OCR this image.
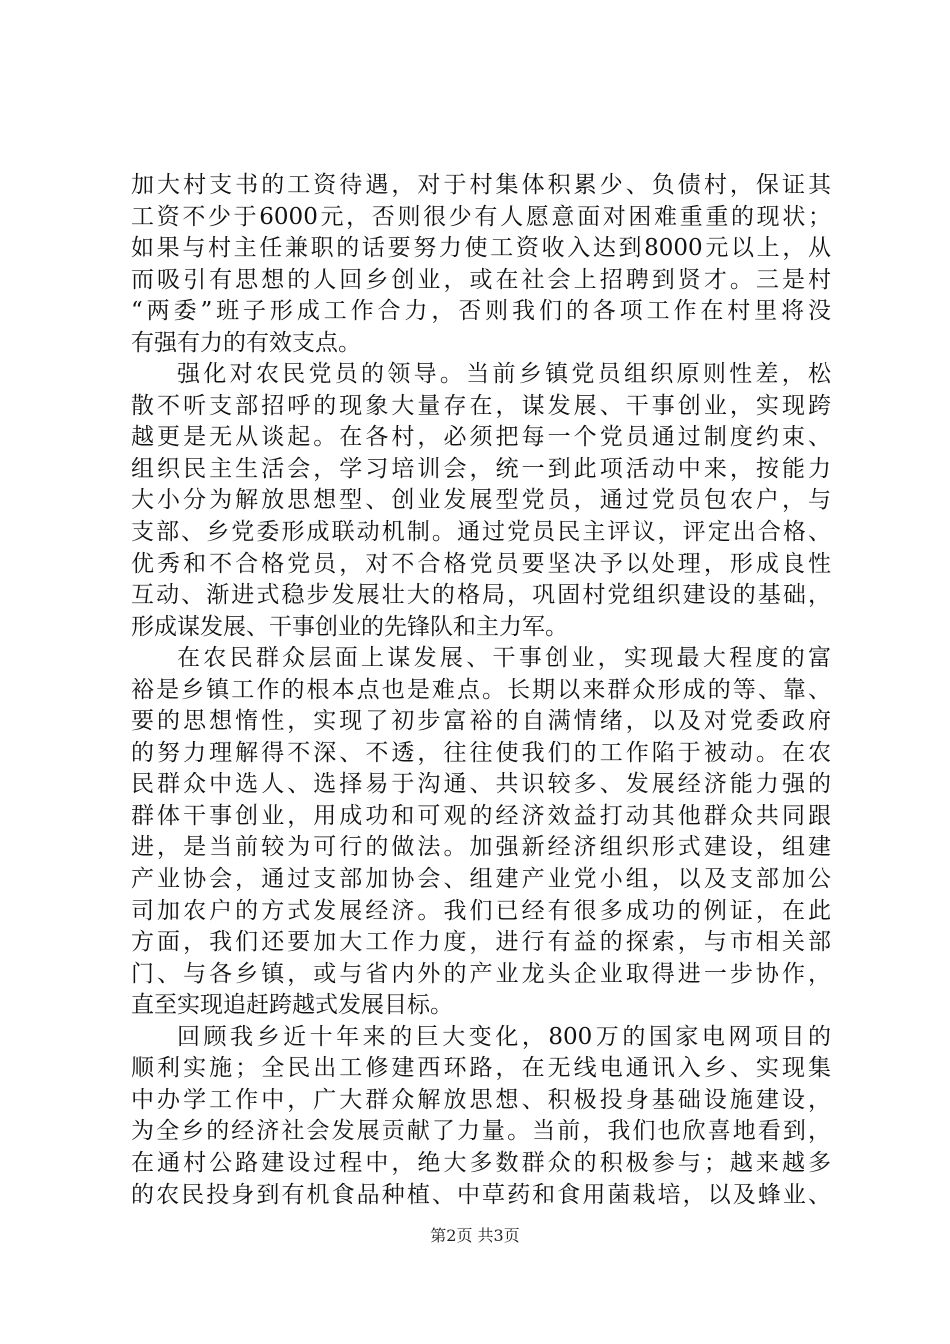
加大村支书的工资待遇，对于村集体积累少、负债村，保证其
工资不少于6000元，否则很少有人愿意面对困难重重的现状；
如果与村主任兼职的话要努力使工资收入达到8000元以上，从
而吸引有思想的人回乡创业，或在社会上招聘到贤才。三是村
“两委”班子形成工作合力，否则我们的各项工作在村里将没
有强有力的有效支点。
强化对农民党员的领导。当前乡镇党员组织原则性差，松
散不听支部招呼的现象大量存在，谋发展、干事创业，实现跨
越更是无从谈起。在各村，必须把每一个党员通过制度约束、
组织民主生活会，学习培训会，统一到此项活动中来，按能力
大小分为解放思想型、创业发展型党员，通过党员包农户，与
支部、乡党委形成联动机制。通过党员民主评议，评定出合格、
优秀和不合格党员，对不合格党员要坚决予以处理，形成良性
互动、渐进式稳步发展壮大的格局，巩固村党组织建设的基础，
形成谋发展、干事创业的先锋队和主力军。
在农民群众层面上谋发展、干事创业，实现最大程度的富
裕是乡镇工作的根本点也是难点。长期以来群众形成的等、靠、
要的思想惰性，实现了初步富裕的自满情绪，以及对党委政府
的努力理解得不深、不透，往往使我们的工作陷于被动。在农
民群众中选人、选择易于沟通、共识较多、发展经济能力强的
群体干事创业，用成功和可观的经济效益打动其他群众共同跟
进，是当前较为可行的做法。加强新经济组织形式建设，组建
产业协会，通过支部加协会、组建产业党小组，以及支部加公
司加农户的方式发展经济。我们已经有很多成功的例证，在此
方面，我们还要加大工作力度，进行有益的探索，与市相关部
门、与各乡镇，或与省内外的产业龙头企业取得进一步协作，
直至实现追赶跨越式发展目标。
回顾我乡近十年来的巨大变化，800万的国家电网项目的
顺利实施；全民出工修建西环路，在无线电通讯入乡、实现集
中办学工作中，广大群众解放思想、积极投身基础设施建设，
为全乡的经济社会发展贡献了力量。当前，我们也欣喜地看到，
在通村公路建设过程中，绝大多数群众的积极参与；越来越多
的农民投身到有机食品种植、中草药和食用菌栽培，以及蜂业、
第2页 共3页
